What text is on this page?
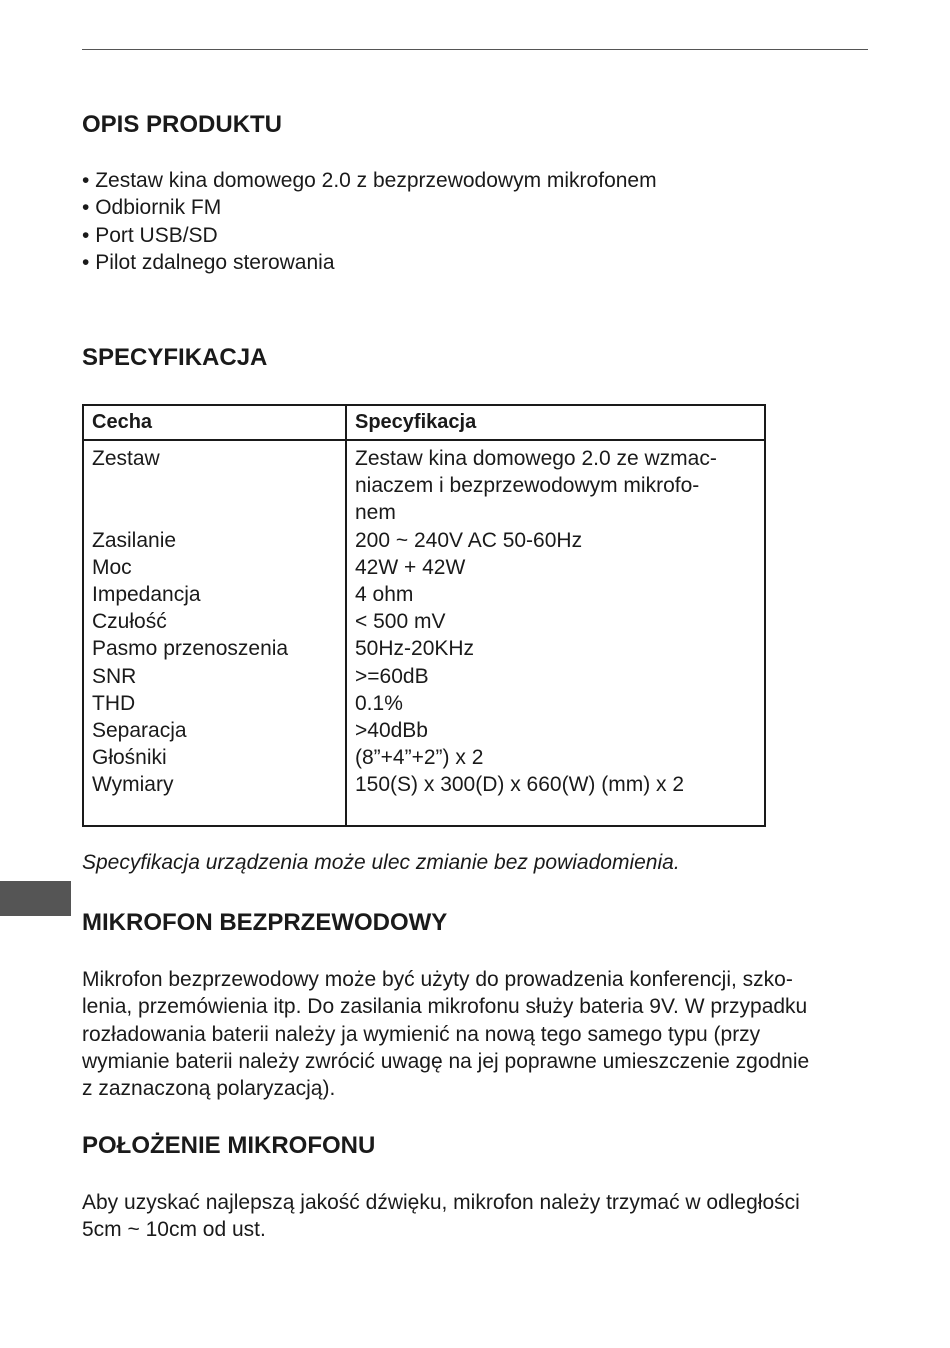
OPIS PRODUKTU
• Zestaw kina domowego 2.0 z bezprzewodowym mikrofonem
• Odbiornik FM
• Port USB/SD
• Pilot zdalnego sterowania
SPECYFIKACJA
Cecha	Specyfikacja
Zestaw	Zestaw kina domowego 2.0 ze wzmac-
niaczem i bezprzewodowym mikrofo-
nem
Zasilanie	200 ~ 240V AC 50-60Hz
Moc	42W + 42W
Impedancja	4 ohm
Czułość	< 500 mV
Pasmo przenoszenia	50Hz-20KHz
SNR	>=60dB
THD	0.1%
Separacja	>40dBb
Głośniki	(8”+4”+2”) x 2
Wymiary	150(S) x 300(D) x 660(W) (mm) x 2

Specyfikacja urządzenia może ulec zmianie bez powiadomienia.

MIKROFON BEZPRZEWODOWY
Mikrofon bezprzewodowy może być użyty do prowadzenia konferencji, szko-
lenia, przemówienia itp. Do zasilania mikrofonu służy bateria 9V. W przypadku
rozładowania baterii należy ja wymienić na nową tego samego typu (przy
wymianie baterii należy zwrócić uwagę na jej poprawne umieszczenie zgodnie
z zaznaczoną polaryzacją).
POŁOŻENIE MIKROFONU
Aby uzyskać najlepszą jakość dźwięku, mikrofon należy trzymać w odległości
5cm ~ 10cm od ust.
